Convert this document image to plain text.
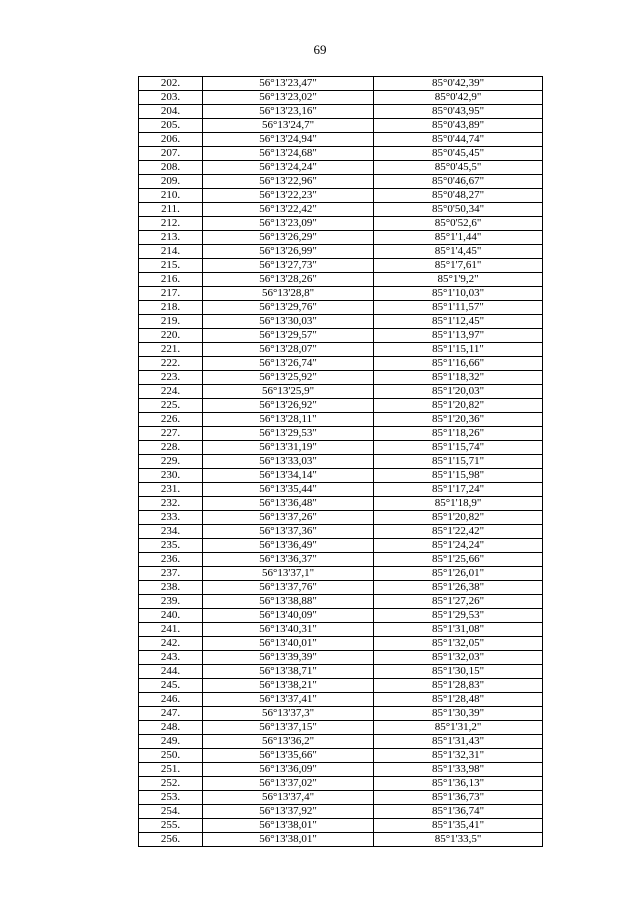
69
202.	56°13'23,47"	85°0'42,39"
203.	56°13'23,02"	85°0'42,9"
204.	56°13'23,16"	85°0'43,95"
205.	56°13'24,7"	85°0'43,89"
206.	56°13'24,94"	85°0'44,74"
207.	56°13'24,68"	85°0'45,45"
208.	56°13'24,24"	85°0'45,5"
209.	56°13'22,96"	85°0'46,67"
210.	56°13'22,23"	85°0'48,27"
211.	56°13'22,42"	85°0'50,34"
212.	56°13'23,09"	85°0'52,6"
213.	56°13'26,29"	85°1'1,44"
214.	56°13'26,99"	85°1'4,45"
215.	56°13'27,73"	85°1'7,61"
216.	56°13'28,26"	85°1'9,2"
217.	56°13'28,8"	85°1'10,03"
218.	56°13'29,76"	85°1'11,57"
219.	56°13'30,03"	85°1'12,45"
220.	56°13'29,57"	85°1'13,97"
221.	56°13'28,07"	85°1'15,11"
222.	56°13'26,74"	85°1'16,66"
223.	56°13'25,92"	85°1'18,32"
224.	56°13'25,9"	85°1'20,03"
225.	56°13'26,92"	85°1'20,82"
226.	56°13'28,11"	85°1'20,36"
227.	56°13'29,53"	85°1'18,26"
228.	56°13'31,19"	85°1'15,74"
229.	56°13'33,03"	85°1'15,71"
230.	56°13'34,14"	85°1'15,98"
231.	56°13'35,44"	85°1'17,24"
232.	56°13'36,48"	85°1'18,9"
233.	56°13'37,26"	85°1'20,82"
234.	56°13'37,36"	85°1'22,42"
235.	56°13'36,49"	85°1'24,24"
236.	56°13'36,37"	85°1'25,66"
237.	56°13'37,1"	85°1'26,01"
238.	56°13'37,76"	85°1'26,38"
239.	56°13'38,88"	85°1'27,26"
240.	56°13'40,09"	85°1'29,53"
241.	56°13'40,31"	85°1'31,08"
242.	56°13'40,01"	85°1'32,05"
243.	56°13'39,39"	85°1'32,03"
244.	56°13'38,71"	85°1'30,15"
245.	56°13'38,21"	85°1'28,83"
246.	56°13'37,41"	85°1'28,48"
247.	56°13'37,3"	85°1'30,39"
248.	56°13'37,15"	85°1'31,2"
249.	56°13'36,2"	85°1'31,43"
250.	56°13'35,66"	85°1'32,31"
251.	56°13'36,09"	85°1'33,98"
252.	56°13'37,02"	85°1'36,13"
253.	56°13'37,4"	85°1'36,73"
254.	56°13'37,92"	85°1'36,74"
255.	56°13'38,01"	85°1'35,41"
256.	56°13'38,01"	85°1'33,5"
